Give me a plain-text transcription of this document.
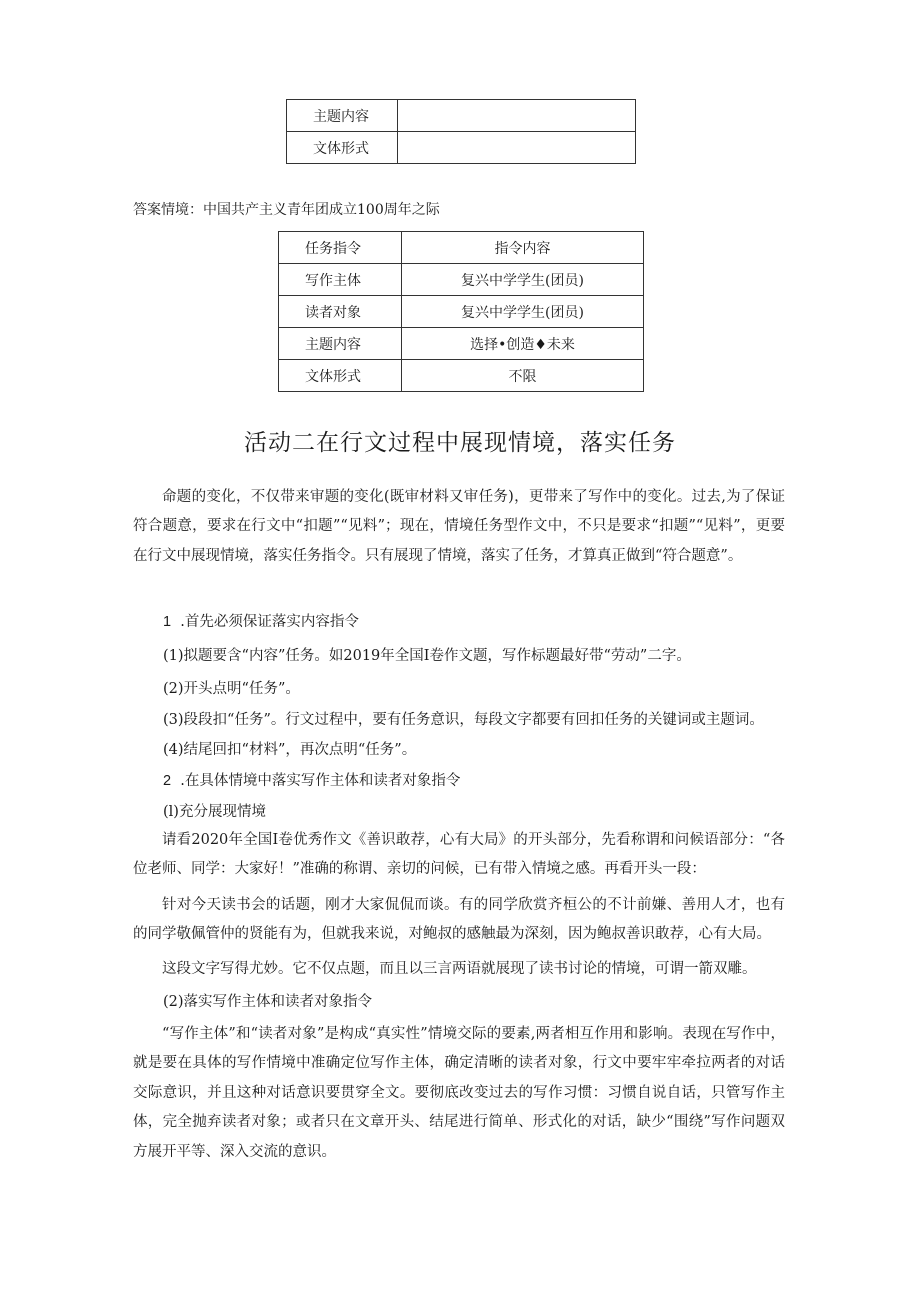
主题内容	
文体形式	
答案情境：中国共产主义青年团成立100周年之际
任务指令	指令内容
写作主体	复兴中学学生(团员)
读者对象	复兴中学学生(团员)
主题内容	选择•创造♦未来
文体形式	不限
活动二在行文过程中展现情境，落实任务
命题的变化，不仅带来审题的变化(既审材料又审任务)，更带来了写作中的变化。过去,为了保证符合题意，要求在行文中“扣题”“见料”；现在，情境任务型作文中，不只是要求“扣题”“见料”，更要在行文中展现情境，落实任务指令。只有展现了情境，落实了任务，才算真正做到“符合题意”。
1 .首先必须保证落实内容指令
(1)拟题要含“内容”任务。如2019年全国I卷作文题，写作标题最好带“劳动”二字。
(2)开头点明“任务”。
(3)段段扣“任务”。行文过程中，要有任务意识，每段文字都要有回扣任务的关键词或主题词。
(4)结尾回扣“材料”，再次点明“任务”。
2 .在具体情境中落实写作主体和读者对象指令
(l)充分展现情境
请看2020年全国I卷优秀作文《善识敢荐，心有大局》的开头部分，先看称谓和问候语部分：“各位老师、同学：大家好！”准确的称谓、亲切的问候，已有带入情境之感。再看开头一段：
针对今天读书会的话题，刚才大家侃侃而谈。有的同学欣赏齐桓公的不计前嫌、善用人才，也有的同学敬佩管仲的贤能有为，但就我来说，对鲍叔的感触最为深刻，因为鲍叔善识敢荐，心有大局。
这段文字写得尤妙。它不仅点题，而且以三言两语就展现了读书讨论的情境，可谓一箭双雕。
(2)落实写作主体和读者对象指令
“写作主体”和“读者对象”是构成“真实性”情境交际的要素,两者相互作用和影响。表现在写作中，就是要在具体的写作情境中准确定位写作主体，确定清晰的读者对象，行文中要牢牢牵拉两者的对话交际意识，并且这种对话意识要贯穿全文。要彻底改变过去的写作习惯：习惯自说自话，只管写作主体，完全抛弃读者对象；或者只在文章开头、结尾进行简单、形式化的对话，缺少“围绕”写作问题双方展开平等、深入交流的意识。
